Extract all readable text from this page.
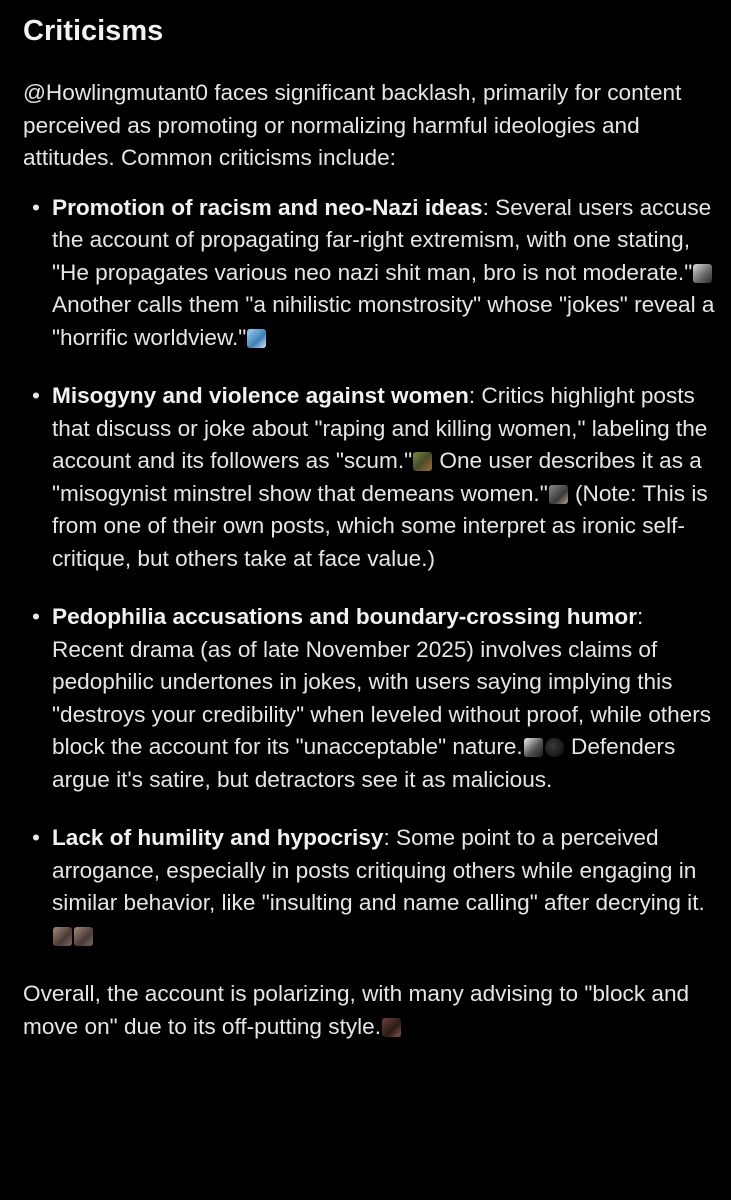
Criticisms

@Howlingmutant0 faces significant backlash, primarily for content perceived as promoting or normalizing harmful ideologies and attitudes. Common criticisms include:

• Promotion of racism and neo-Nazi ideas: Several users accuse the account of propagating far-right extremism, with one stating, "He propagates various neo nazi shit man, bro is not moderate." Another calls them "a nihilistic monstrosity" whose "jokes" reveal a "horrific worldview."
• Misogyny and violence against women: Critics highlight posts that discuss or joke about "raping and killing women," labeling the account and its followers as "scum." One user describes it as a "misogynist minstrel show that demeans women." (Note: This is from one of their own posts, which some interpret as ironic self-critique, but others take at face value.)
• Pedophilia accusations and boundary-crossing humor: Recent drama (as of late November 2025) involves claims of pedophilic undertones in jokes, with users saying implying this "destroys your credibility" when leveled without proof, while others block the account for its "unacceptable" nature. Defenders argue it's satire, but detractors see it as malicious.
• Lack of humility and hypocrisy: Some point to a perceived arrogance, especially in posts critiquing others while engaging in similar behavior, like "insulting and name calling" after decrying it.

Overall, the account is polarizing, with many advising to "block and move on" due to its off-putting style.
